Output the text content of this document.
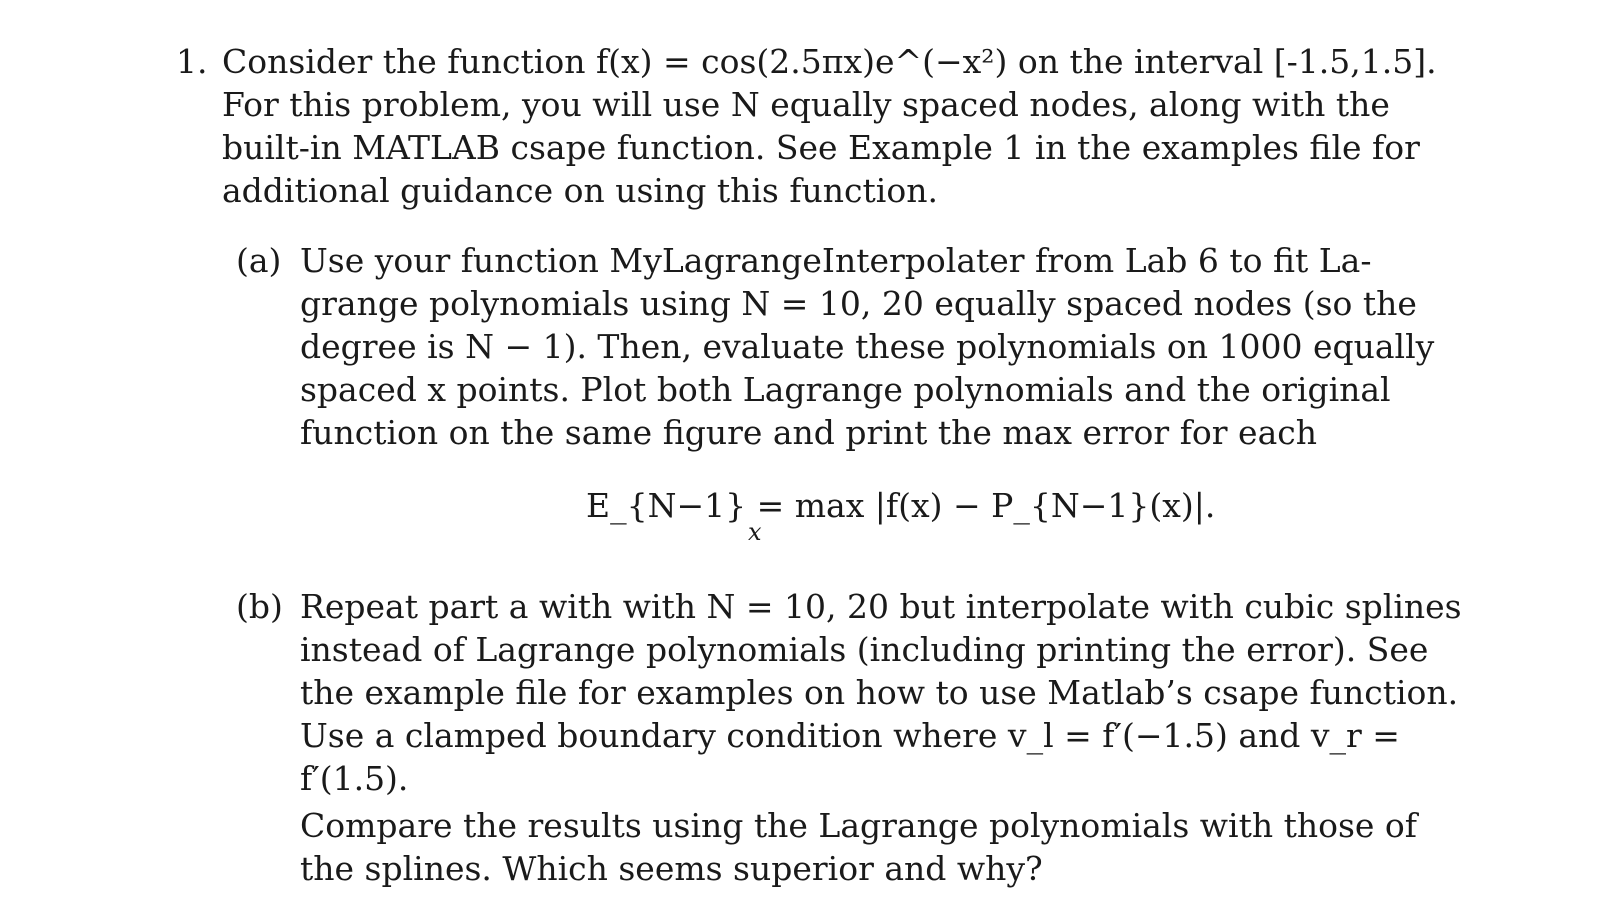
1. Consider the function f(x) = cos(2.5πx)e^(−x²) on the interval [-1.5,1.5].
For this problem, you will use N equally spaced nodes, along with the
built-in MATLAB csape function. See Example 1 in the examples file for
additional guidance on using this function.
(a) Use your function MyLagrangeInterpolater from Lab 6 to fit La-
grange polynomials using N = 10, 20 equally spaced nodes (so the
degree is N − 1). Then, evaluate these polynomials on 1000 equally
spaced x points. Plot both Lagrange polynomials and the original
function on the same figure and print the max error for each
E_{N−1} = max |f(x) − P_{N−1}(x)|.
x
(b) Repeat part a with with N = 10, 20 but interpolate with cubic splines
instead of Lagrange polynomials (including printing the error). See
the example file for examples on how to use Matlab’s csape function.
Use a clamped boundary condition where v_l = f′(−1.5) and v_r =
f′(1.5).
Compare the results using the Lagrange polynomials with those of
the splines. Which seems superior and why?
